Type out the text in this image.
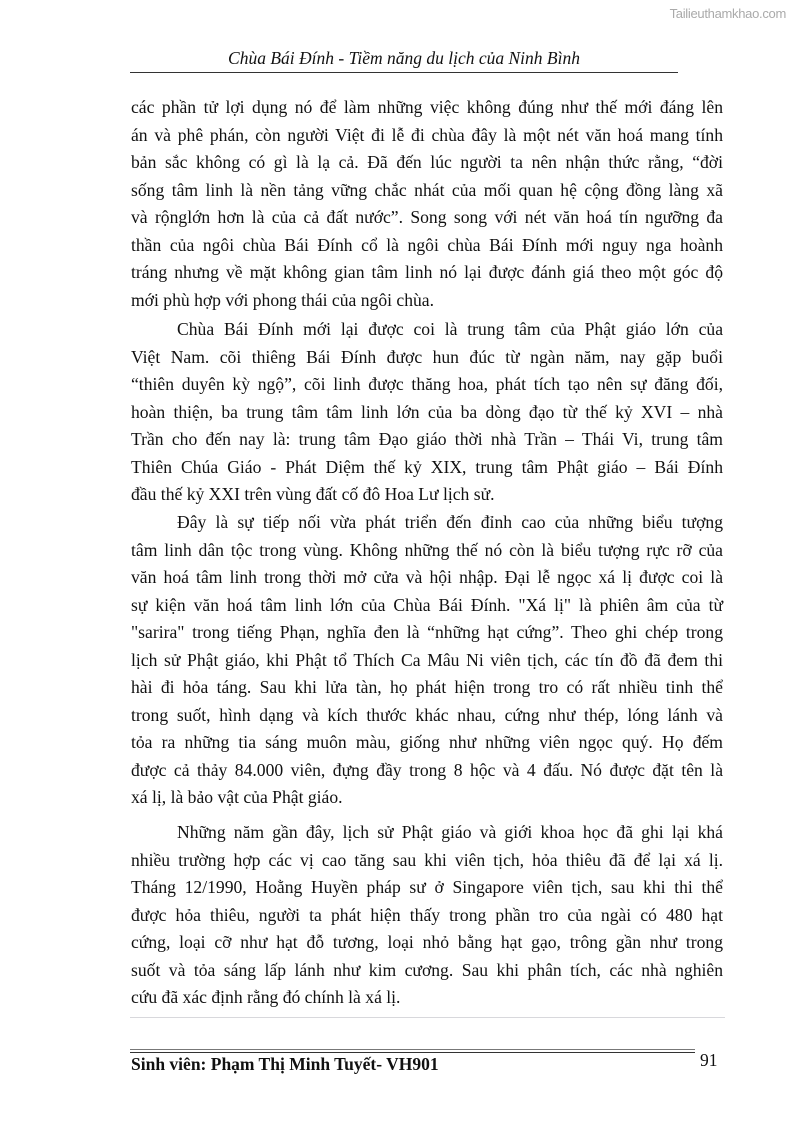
Tailieuthamkhao.com
Chùa Bái Đính - Tiềm năng du lịch của Ninh Bình
các phần tử lợi dụng nó để làm những việc không đúng như thế mới đáng lên
án và phê phán, còn người Việt đi lễ đi chùa đây là một nét văn hoá mang tính
bản sắc không có gì là lạ cả. Đã đến lúc người ta nên nhận thức rằng, “đời
sống tâm linh là nền tảng vững chắc nhát của mối quan hệ cộng đồng làng xã
và rộnglớn hơn là của cả đất nước”. Song song với nét văn hoá tín ngưỡng đa
thần của ngôi chùa Bái Đính cổ là ngôi chùa Bái Đính mới nguy nga hoành
tráng nhưng về mặt không gian tâm linh nó lại được đánh giá theo một góc độ
mới phù hợp với phong thái của ngôi chùa.
Chùa Bái Đính mới lại được coi là trung tâm của Phật giáo lớn của
Việt Nam. cõi thiêng Bái Đính được hun đúc từ ngàn năm, nay gặp buổi
“thiên duyên kỳ ngộ”, cõi linh được thăng hoa, phát tích tạo nên sự đăng đối,
hoàn thiện, ba trung tâm tâm linh lớn của ba dòng đạo từ thế kỷ XVI – nhà
Trần cho đến nay là: trung tâm Đạo giáo thời nhà Trần – Thái Vi, trung tâm
Thiên Chúa Giáo - Phát Diệm thế kỷ XIX, trung tâm Phật giáo – Bái Đính
đầu thế kỷ XXI trên vùng đất cố đô Hoa Lư lịch sử.
Đây là sự tiếp nối vừa phát triển đến đỉnh cao của những biểu tượng
tâm linh dân tộc trong vùng. Không những thế nó còn là biểu tượng rực rỡ của
văn hoá tâm linh trong thời mở cửa và hội nhập. Đại lễ ngọc xá lị được coi là
sự kiện văn hoá tâm linh lớn của Chùa Bái Đính. "Xá lị" là phiên âm của từ
"sarira" trong tiếng Phạn, nghĩa đen là “những hạt cứng”. Theo ghi chép trong
lịch sử Phật giáo, khi Phật tổ Thích Ca Mâu Ni viên tịch, các tín đồ đã đem thi
hài đi hỏa táng. Sau khi lửa tàn, họ phát hiện trong tro có rất nhiều tinh thể
trong suốt, hình dạng và kích thước khác nhau, cứng như thép, lóng lánh và
tỏa ra những tia sáng muôn màu, giống như những viên ngọc quý. Họ đếm
được cả thảy 84.000 viên, đựng đầy trong 8 hộc và 4 đấu. Nó được đặt tên là
xá lị, là bảo vật của Phật giáo.
Những năm gần đây, lịch sử Phật giáo và giới khoa học đã ghi lại khá
nhiều trường hợp các vị cao tăng sau khi viên tịch, hỏa thiêu đã để lại xá lị.
Tháng 12/1990, Hoằng Huyền pháp sư ở Singapore viên tịch, sau khi thi thể
được hỏa thiêu, người ta phát hiện thấy trong phần tro của ngài có 480 hạt
cứng, loại cỡ như hạt đỗ tương, loại nhỏ bằng hạt gạo, trông gần như trong
suốt và tỏa sáng lấp lánh như kim cương. Sau khi phân tích, các nhà nghiên
cứu đã xác định rằng đó chính là xá lị.
Sinh viên: Phạm Thị Minh Tuyết- VH901	91
